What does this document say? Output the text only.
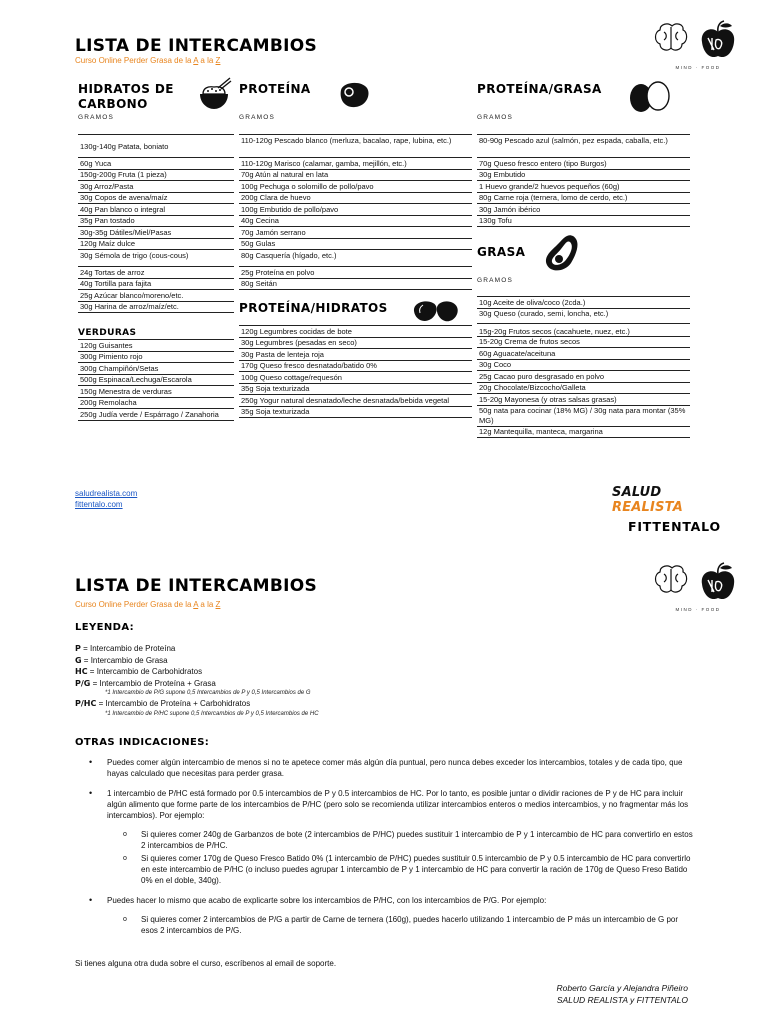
LISTA DE INTERCAMBIOS
Curso Online Perder Grasa de la A a la Z
MIND · FOOD
HIDRATOS DE
CARBONO
GRAMOS
130g-140g Patata, boniato
60g Yuca
150g-200g Fruta (1 pieza)
30g Arroz/Pasta
30g Copos de avena/maíz
40g Pan blanco o integral
35g Pan tostado
30g-35g Dátiles/Miel/Pasas
120g Maíz dulce
30g Sémola de trigo (cous-cous)
24g Tortas de arroz
40g Tortilla para fajita
25g Azúcar blanco/moreno/etc.
30g Harina de arroz/maíz/etc.
VERDURAS
120g Guisantes
300g Pimiento rojo
300g Champiñón/Setas
500g Espinaca/Lechuga/Escarola
150g Menestra de verduras
200g Remolacha
250g Judía verde / Espárrago / Zanahoria
PROTEÍNA
GRAMOS
110-120g Pescado blanco (merluza, bacalao, rape, lubina, etc.)
110-120g Marisco (calamar, gamba, mejillón, etc.)
70g Atún al natural en lata
100g Pechuga o solomillo de pollo/pavo
200g Clara de huevo
100g Embutido de pollo/pavo
40g Cecina
70g Jamón serrano
50g Gulas
80g Casquería (hígado, etc.)
25g Proteína en polvo
80g Seitán
PROTEÍNA/HIDRATOS
120g Legumbres cocidas de bote
30g Legumbres (pesadas en seco)
30g Pasta de lenteja roja
170g Queso fresco desnatado/batido 0%
100g Queso cottage/requesón
35g Soja texturizada
250g Yogur natural desnatado/leche desnatada/bebida vegetal
35g Soja texturizada
PROTEÍNA/GRASA
GRAMOS
80-90g Pescado azul (salmón, pez espada, caballa, etc.)
70g Queso fresco entero (tipo Burgos)
30g Embutido
1 Huevo grande/2 huevos pequeños (60g)
80g Carne roja (ternera, lomo de cerdo, etc.)
30g Jamón ibérico
130g Tofu
GRASA
GRAMOS
10g Aceite de oliva/coco (2cda.)
30g Queso (curado, semi, loncha, etc.)
15g-20g Frutos secos (cacahuete, nuez, etc.)
15-20g Crema de frutos secos
60g Aguacate/aceituna
30g Coco
25g Cacao puro desgrasado en polvo
20g Chocolate/Bizcocho/Galleta
15-20g Mayonesa (y otras salsas grasas)
50g nata para cocinar (18% MG) / 30g nata para montar (35% MG)
12g Mantequilla, manteca, margarina
saludrealista.com
fittentalo.com
SALUD REALISTA
FITTENTALO
LISTA DE INTERCAMBIOS
Curso Online Perder Grasa de la A a la Z
MIND · FOOD
LEYENDA:
P = Intercambio de Proteína
G = Intercambio de Grasa
HC = Intercambio de Carbohidratos
P/G = Intercambio de Proteína + Grasa
*1 Intercambio de P/G supone 0,5 Intercambios de P y 0,5 Intercambios de G
P/HC = Intercambio de Proteína + Carbohidratos
*1 Intercambio de P/HC supone 0,5 Intercambios de P y 0,5 Intercambios de HC
OTRAS INDICACIONES:
• Puedes comer algún intercambio de menos si no te apetece comer más algún día puntual, pero nunca debes exceder los intercambios, totales y de cada tipo, que hayas calculado que necesitas para perder grasa.
• 1 intercambio de P/HC está formado por 0.5 intercambios de P y 0.5 intercambios de HC. Por lo tanto, es posible juntar o dividir raciones de P y de HC para incluir algún alimento que forme parte de los intercambios de P/HC (pero solo se recomienda utilizar intercambios enteros o medios intercambios, y no fragmentar más los intercambios). Por ejemplo:
o Si quieres comer 240g de Garbanzos de bote (2 intercambios de P/HC) puedes sustituir 1 intercambio de P y 1 intercambio de HC para convertirlo en estos 2 intercambios de P/HC.
o Si quieres comer 170g de Queso Fresco Batido 0% (1 intercambio de P/HC) puedes sustituir 0.5 intercambio de P y 0.5 intercambio de HC para convertirlo en este intercambio de P/HC (o incluso puedes agrupar 1 intercambio de P y 1 intercambio de HC para convertir la ración de 170g de Queso Freso Batido 0% en el doble, 340g).
• Puedes hacer lo mismo que acabo de explicarte sobre los intercambios de P/HC, con los intercambios de P/G. Por ejemplo:
o Si quieres comer 2 intercambios de P/G a partir de Carne de ternera (160g), puedes hacerlo utilizando 1 intercambio de P más un intercambio de G por esos 2 intercambios de P/G.
Si tienes alguna otra duda sobre el curso, escríbenos al email de soporte.
Roberto García y Alejandra Piñeiro
SALUD REALISTA y FITTENTALO
